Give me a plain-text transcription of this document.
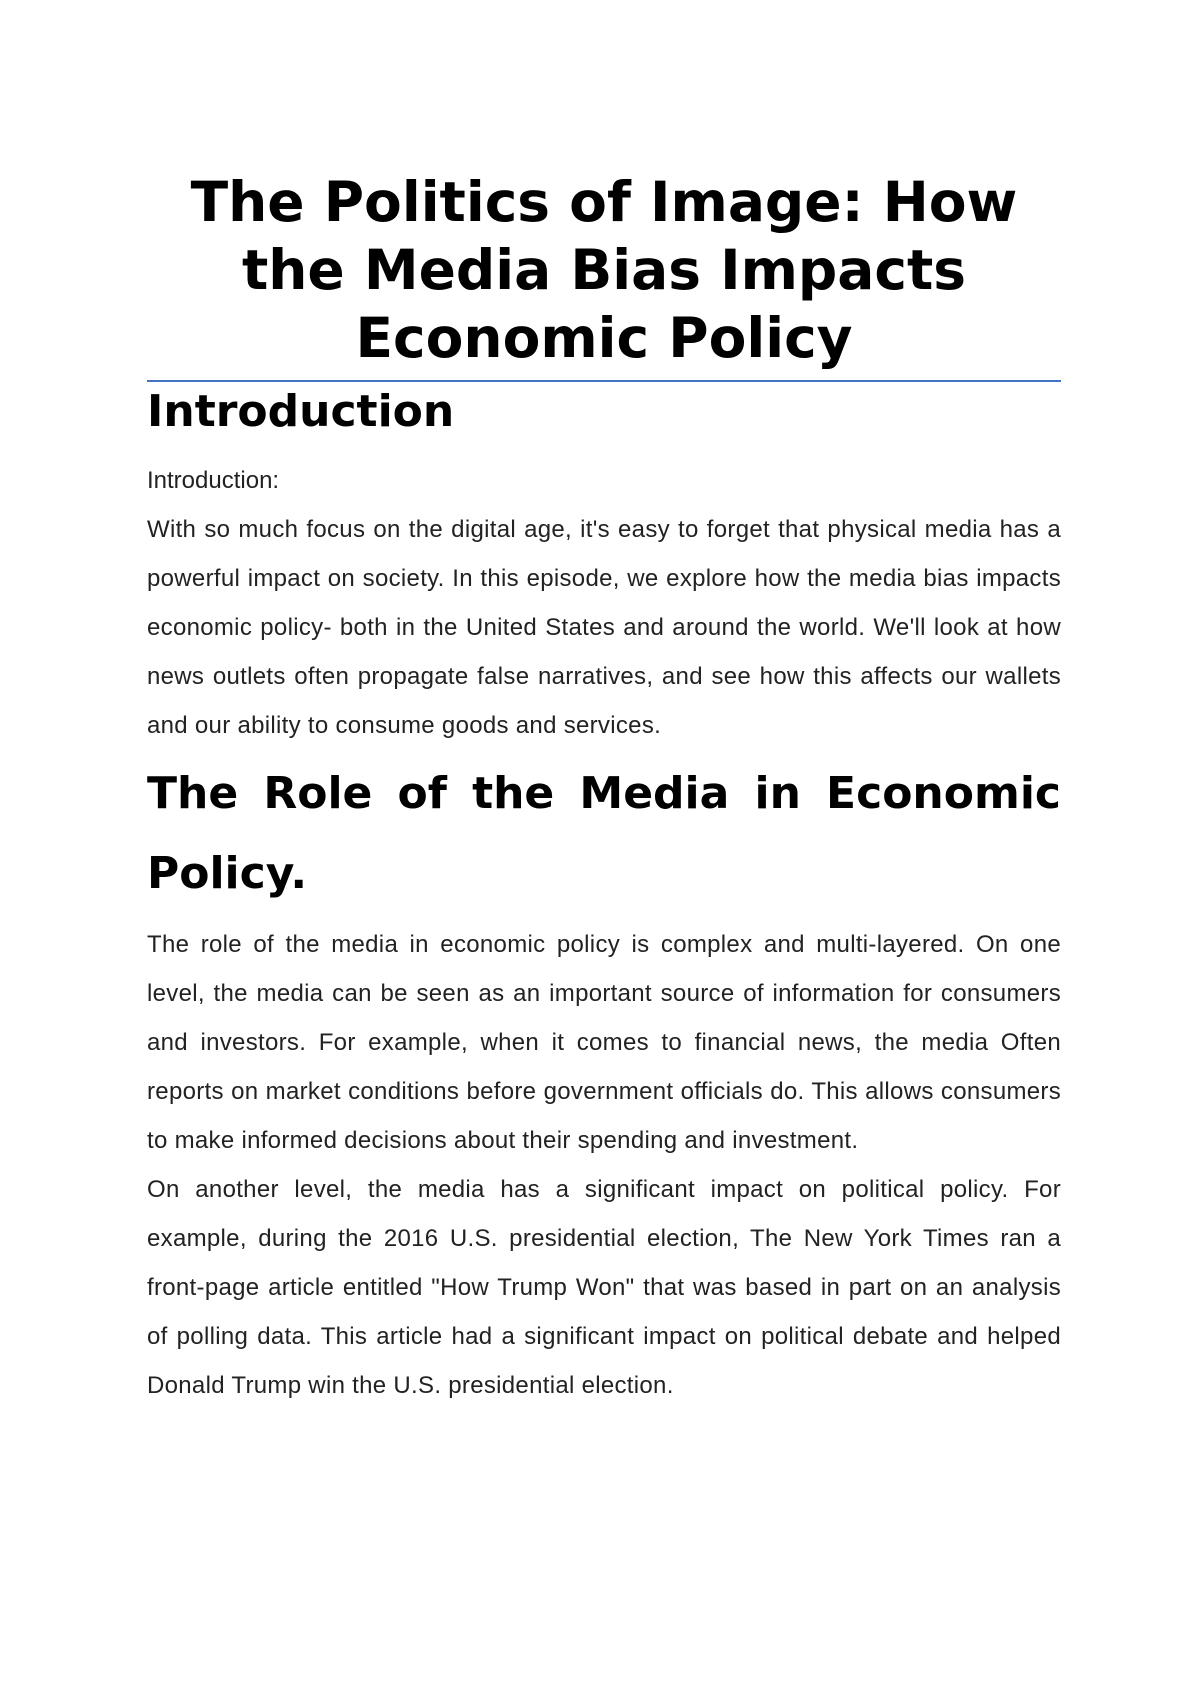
The Politics of Image: How the Media Bias Impacts Economic Policy
Introduction

Introduction:

With so much focus on the digital age, it's easy to forget that physical media has a powerful impact on society. In this episode, we explore how the media bias impacts economic policy- both in the United States and around the world. We'll look at how news outlets often propagate false narratives, and see how this affects our wallets and our ability to consume goods and services.

The Role of the Media in Economic Policy.

The role of the media in economic policy is complex and multi-layered. On one level, the media can be seen as an important source of information for consumers and investors. For example, when it comes to financial news, the media Often reports on market conditions before government officials do. This allows consumers to make informed decisions about their spending and investment.

On another level, the media has a significant impact on political policy. For example, during the 2016 U.S. presidential election, The New York Times ran a front-page article entitled "How Trump Won" that was based in part on an analysis of polling data. This article had a significant impact on political debate and helped Donald Trump win the U.S. presidential election.
